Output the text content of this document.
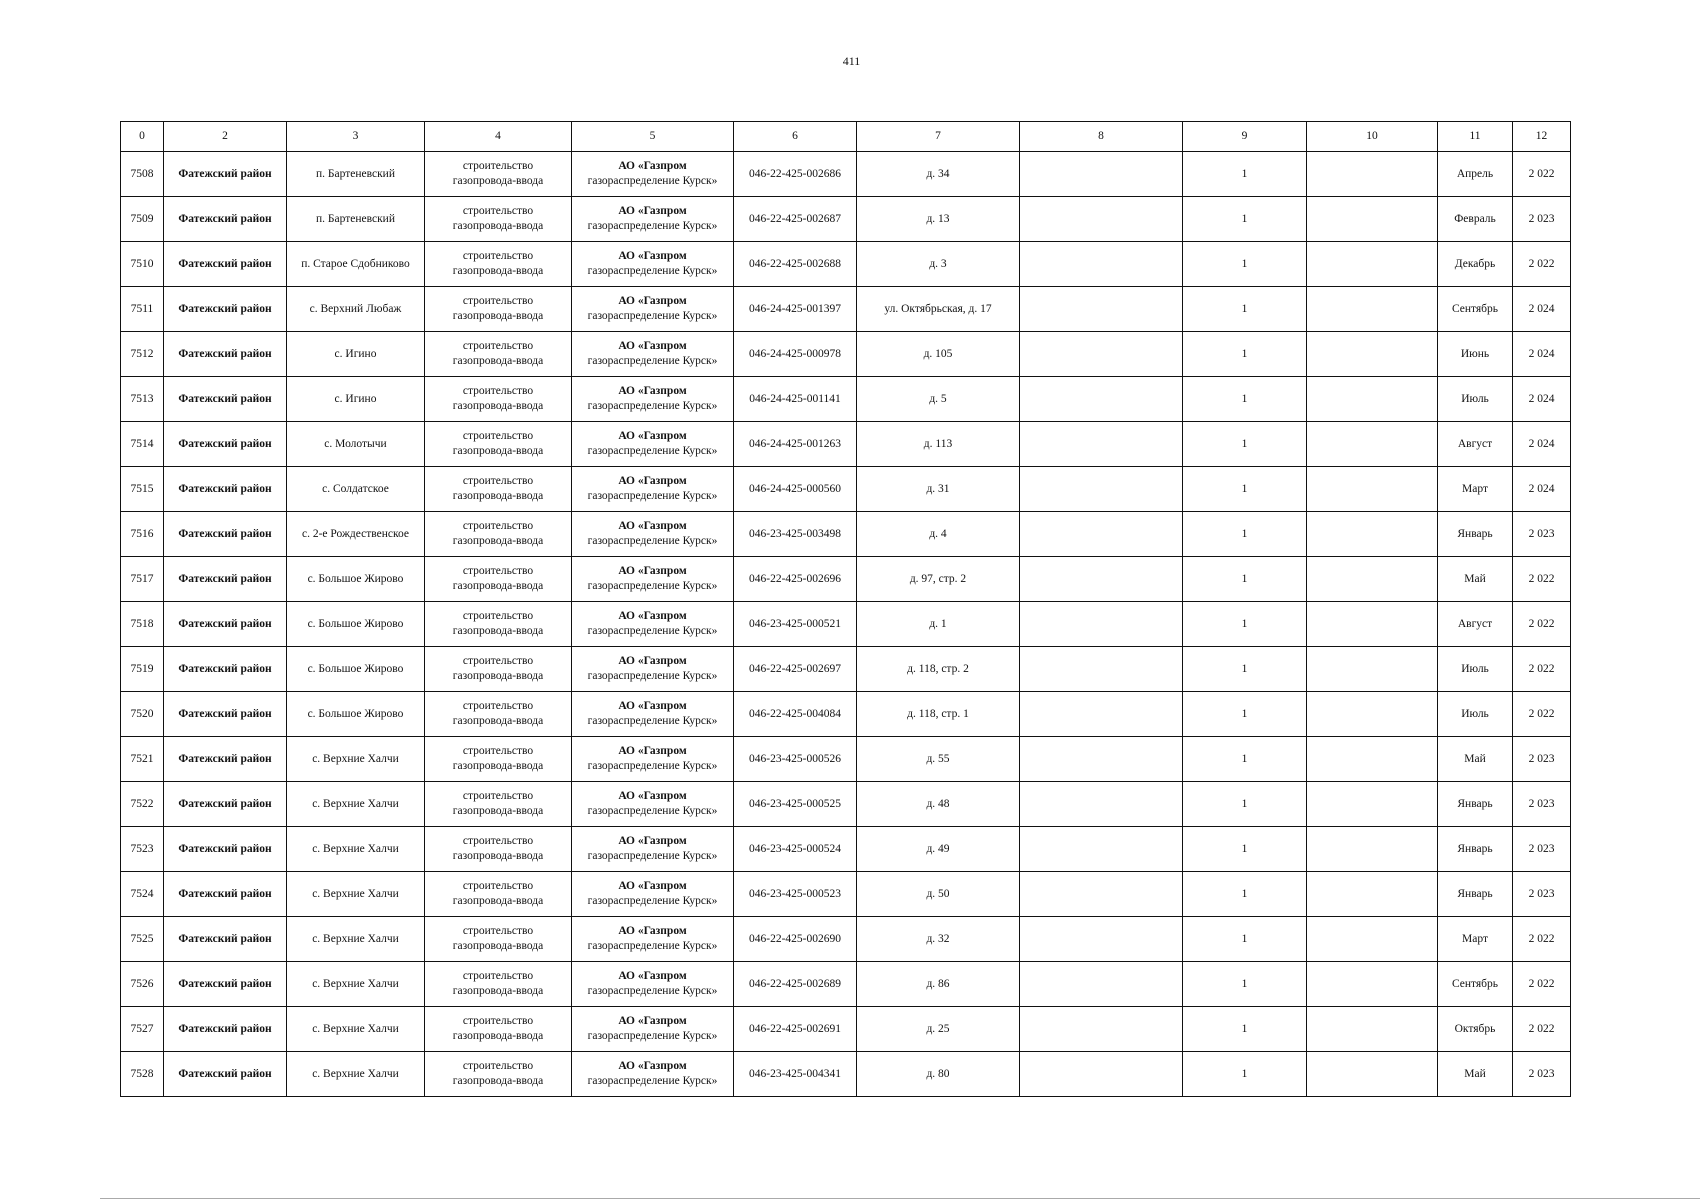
411
0	2	3	4	5	6	7	8	9	10	11	12
7508	Фатежский район	п. Бартеневский	строительство
газопровода-ввода	АО «Газпром
газораспределение Курск»	046-22-425-002686	д. 34		1		Апрель	2 022
7509	Фатежский район	п. Бартеневский	строительство
газопровода-ввода	АО «Газпром
газораспределение Курск»	046-22-425-002687	д. 13		1		Февраль	2 023
7510	Фатежский район	п. Старое Сдобниково	строительство
газопровода-ввода	АО «Газпром
газораспределение Курск»	046-22-425-002688	д. 3		1		Декабрь	2 022
7511	Фатежский район	с. Верхний Любаж	строительство
газопровода-ввода	АО «Газпром
газораспределение Курск»	046-24-425-001397	ул. Октябрьская, д. 17		1		Сентябрь	2 024
7512	Фатежский район	с. Игино	строительство
газопровода-ввода	АО «Газпром
газораспределение Курск»	046-24-425-000978	д. 105		1		Июнь	2 024
7513	Фатежский район	с. Игино	строительство
газопровода-ввода	АО «Газпром
газораспределение Курск»	046-24-425-001141	д. 5		1		Июль	2 024
7514	Фатежский район	с. Молотычи	строительство
газопровода-ввода	АО «Газпром
газораспределение Курск»	046-24-425-001263	д. 113		1		Август	2 024
7515	Фатежский район	с. Солдатское	строительство
газопровода-ввода	АО «Газпром
газораспределение Курск»	046-24-425-000560	д. 31		1		Март	2 024
7516	Фатежский район	с. 2-е Рождественское	строительство
газопровода-ввода	АО «Газпром
газораспределение Курск»	046-23-425-003498	д. 4		1		Январь	2 023
7517	Фатежский район	с. Большое Жирово	строительство
газопровода-ввода	АО «Газпром
газораспределение Курск»	046-22-425-002696	д. 97, стр. 2		1		Май	2 022
7518	Фатежский район	с. Большое Жирово	строительство
газопровода-ввода	АО «Газпром
газораспределение Курск»	046-23-425-000521	д. 1		1		Август	2 022
7519	Фатежский район	с. Большое Жирово	строительство
газопровода-ввода	АО «Газпром
газораспределение Курск»	046-22-425-002697	д. 118, стр. 2		1		Июль	2 022
7520	Фатежский район	с. Большое Жирово	строительство
газопровода-ввода	АО «Газпром
газораспределение Курск»	046-22-425-004084	д. 118, стр. 1		1		Июль	2 022
7521	Фатежский район	с. Верхние Халчи	строительство
газопровода-ввода	АО «Газпром
газораспределение Курск»	046-23-425-000526	д. 55		1		Май	2 023
7522	Фатежский район	с. Верхние Халчи	строительство
газопровода-ввода	АО «Газпром
газораспределение Курск»	046-23-425-000525	д. 48		1		Январь	2 023
7523	Фатежский район	с. Верхние Халчи	строительство
газопровода-ввода	АО «Газпром
газораспределение Курск»	046-23-425-000524	д. 49		1		Январь	2 023
7524	Фатежский район	с. Верхние Халчи	строительство
газопровода-ввода	АО «Газпром
газораспределение Курск»	046-23-425-000523	д. 50		1		Январь	2 023
7525	Фатежский район	с. Верхние Халчи	строительство
газопровода-ввода	АО «Газпром
газораспределение Курск»	046-22-425-002690	д. 32		1		Март	2 022
7526	Фатежский район	с. Верхние Халчи	строительство
газопровода-ввода	АО «Газпром
газораспределение Курск»	046-22-425-002689	д. 86		1		Сентябрь	2 022
7527	Фатежский район	с. Верхние Халчи	строительство
газопровода-ввода	АО «Газпром
газораспределение Курск»	046-22-425-002691	д. 25		1		Октябрь	2 022
7528	Фатежский район	с. Верхние Халчи	строительство
газопровода-ввода	АО «Газпром
газораспределение Курск»	046-23-425-004341	д. 80		1		Май	2 023
